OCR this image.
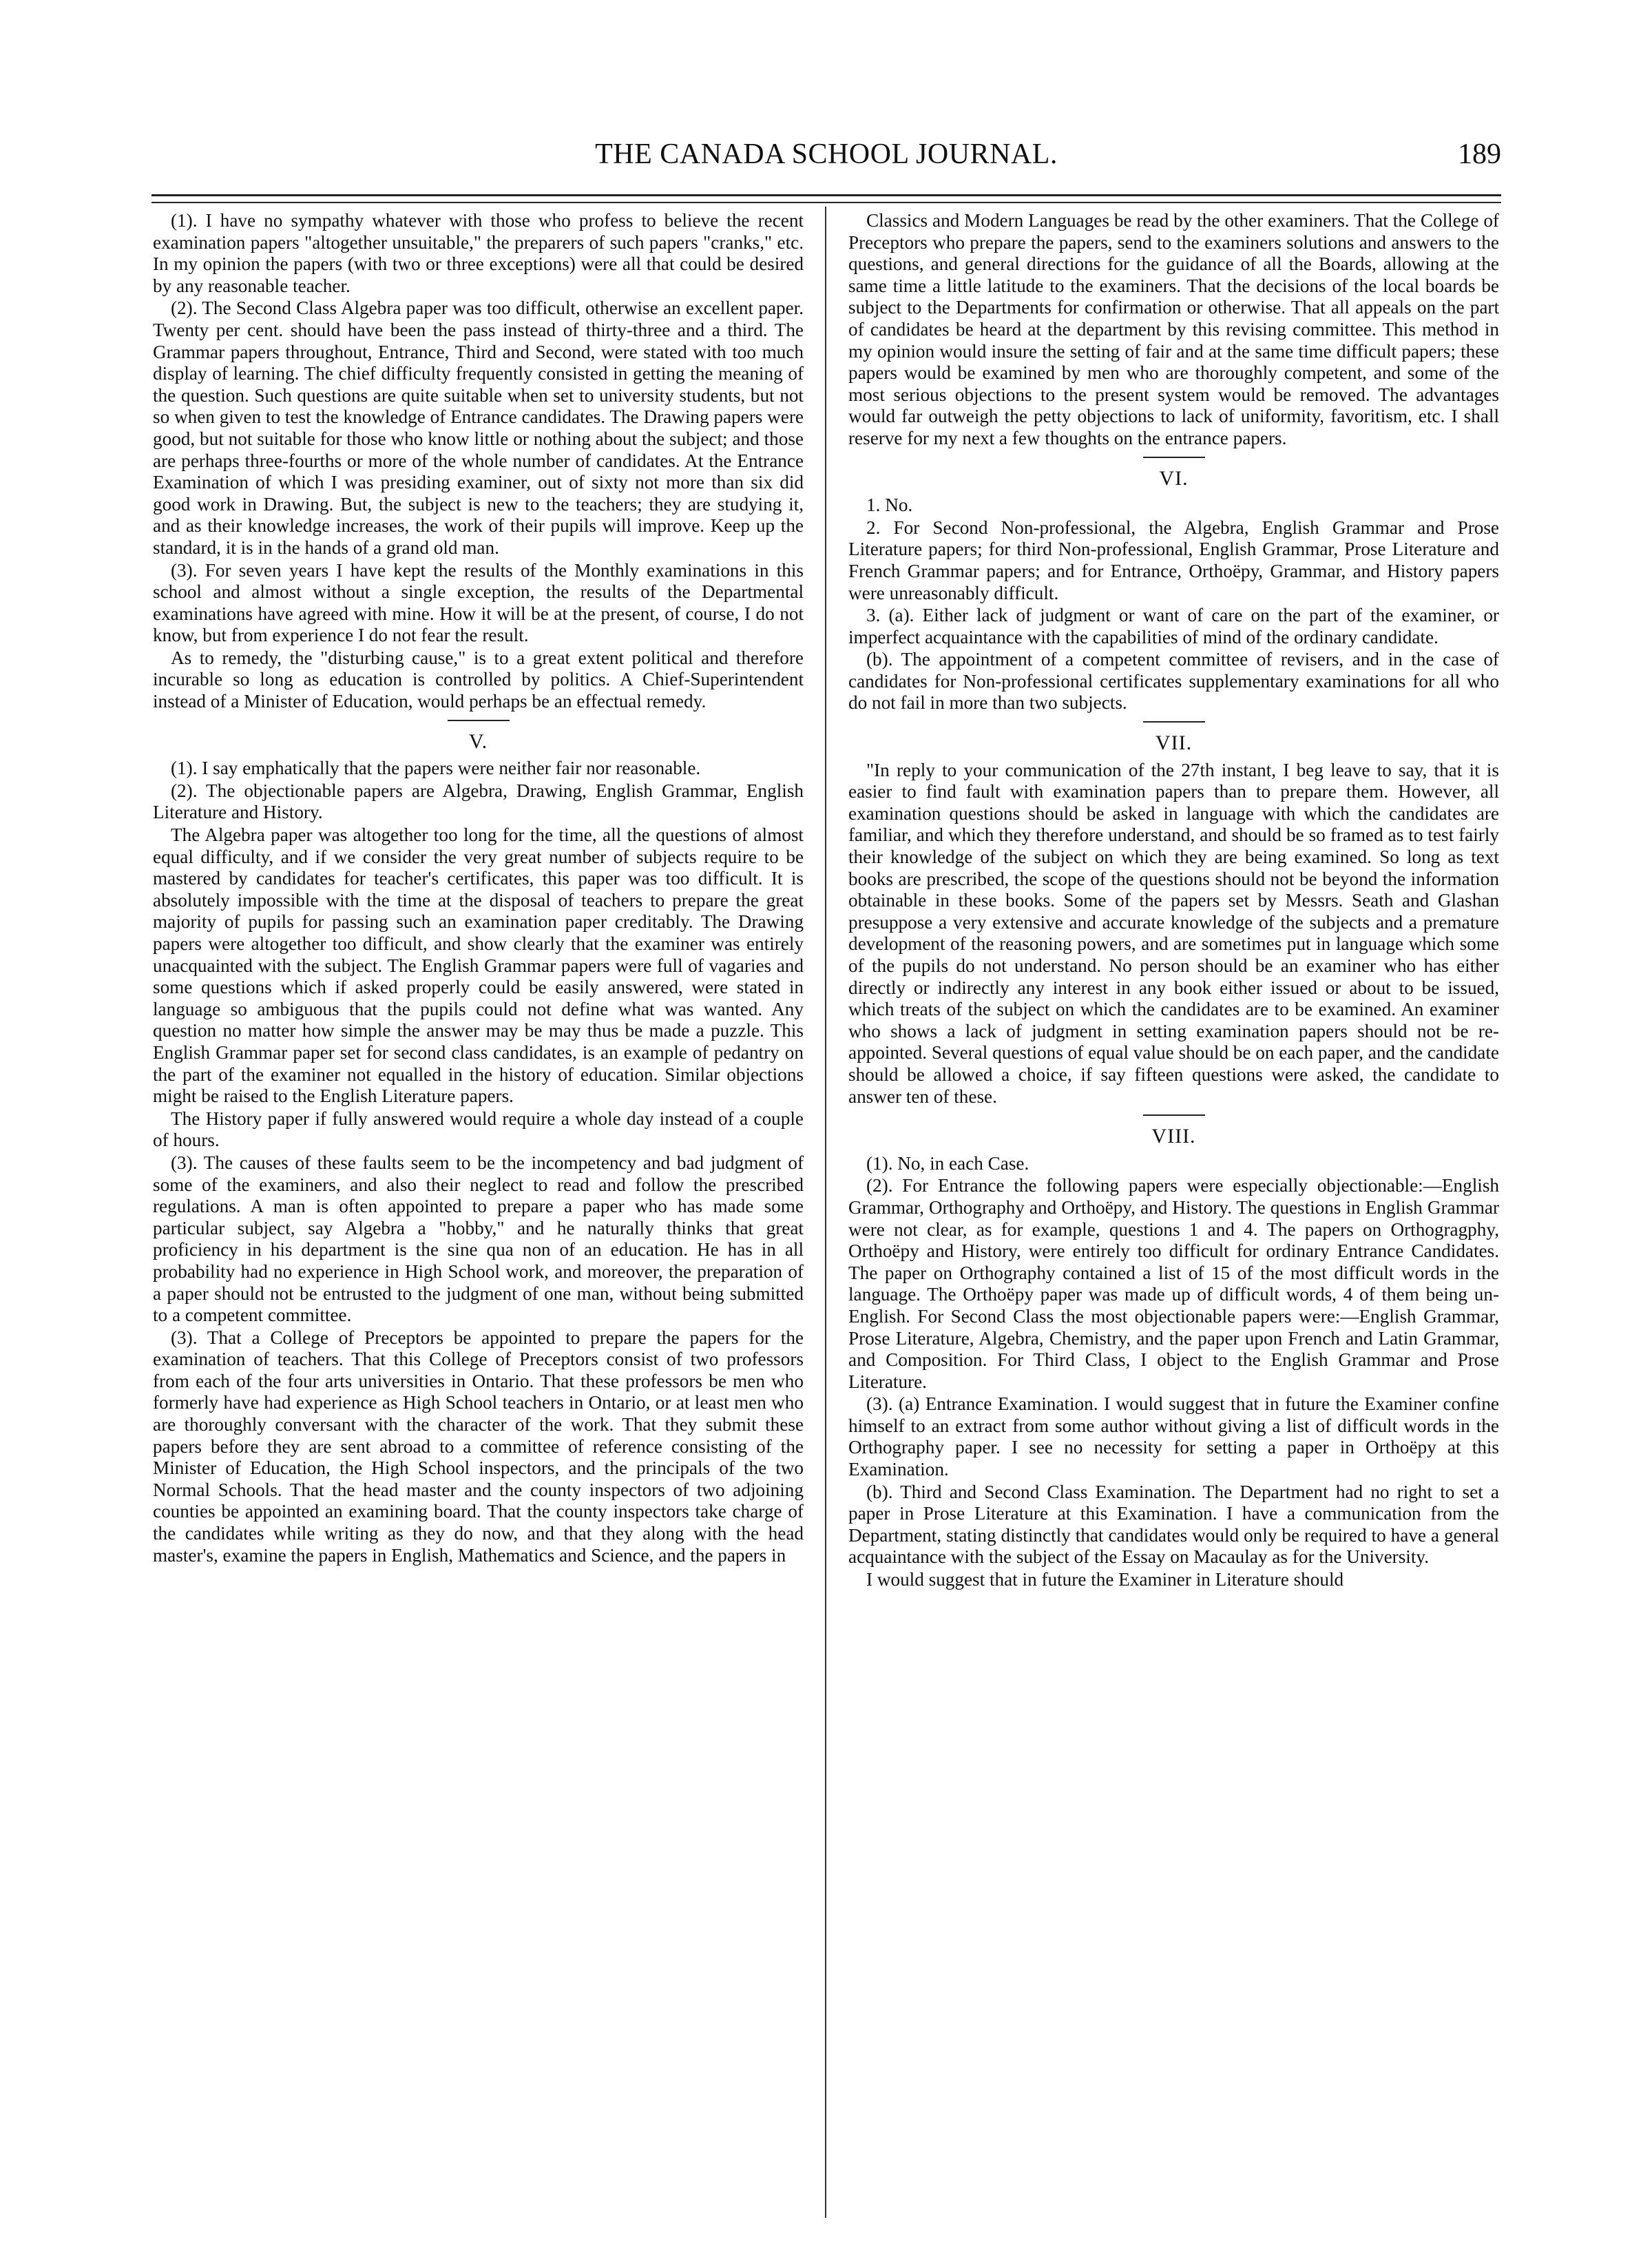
THE CANADA SCHOOL JOURNAL.	189

(1). I have no sympathy whatever with those who profess to believe the recent examination papers "altogether unsuitable," the preparers of such papers "cranks," etc. In my opinion the papers (with two or three exceptions) were all that could be desired by any reasonable teacher.

(2). The Second Class Algebra paper was too difficult, otherwise an excellent paper. Twenty per cent. should have been the pass instead of thirty-three and a third. The Grammar papers throughout, Entrance, Third and Second, were stated with too much display of learning. The chief difficulty frequently consisted in getting the meaning of the question. Such questions are quite suitable when set to university students, but not so when given to test the knowledge of Entrance candidates. The Drawing papers were good, but not suitable for those who know little or nothing about the subject; and those are perhaps three-fourths or more of the whole number of candidates. At the Entrance Examination of which I was presiding examiner, out of sixty not more than six did good work in Drawing. But, the subject is new to the teachers; they are studying it, and as their knowledge increases, the work of their pupils will improve. Keep up the standard, it is in the hands of a grand old man.

(3). For seven years I have kept the results of the Monthly examinations in this school and almost without a single exception, the results of the Departmental examinations have agreed with mine. How it will be at the present, of course, I do not know, but from experience I do not fear the result.

As to remedy, the "disturbing cause," is to a great extent political and therefore incurable so long as education is controlled by politics. A Chief-Superintendent instead of a Minister of Education, would perhaps be an effectual remedy.

V.

(1). I say emphatically that the papers were neither fair nor reasonable.

(2). The objectionable papers are Algebra, Drawing, English Grammar, English Literature and History.

The Algebra paper was altogether too long for the time, all the questions of almost equal difficulty, and if we consider the very great number of subjects require to be mastered by candidates for teacher's certificates, this paper was too difficult. It is absolutely impossible with the time at the disposal of teachers to prepare the great majority of pupils for passing such an examination paper creditably. The Drawing papers were altogether too difficult, and show clearly that the examiner was entirely unacquainted with the subject. The English Grammar papers were full of vagaries and some questions which if asked properly could be easily answered, were stated in language so ambiguous that the pupils could not define what was wanted. Any question no matter how simple the answer may be may thus be made a puzzle. This English Grammar paper set for second class candidates, is an example of pedantry on the part of the examiner not equalled in the history of education. Similar objections might be raised to the English Literature papers.

The History paper if fully answered would require a whole day instead of a couple of hours.

(3). The causes of these faults seem to be the incompetency and bad judgment of some of the examiners, and also their neglect to read and follow the prescribed regulations. A man is often appointed to prepare a paper who has made some particular subject, say Algebra a "hobby," and he naturally thinks that great proficiency in his department is the sine qua non of an education. He has in all probability had no experience in High School work, and moreover, the preparation of a paper should not be entrusted to the judgment of one man, without being submitted to a competent committee.

(3). That a College of Preceptors be appointed to prepare the papers for the examination of teachers. That this College of Preceptors consist of two professors from each of the four arts universities in Ontario. That these professors be men who formerly have had experience as High School teachers in Ontario, or at least men who are thoroughly conversant with the character of the work. That they submit these papers before they are sent abroad to a committee of reference consisting of the Minister of Education, the High School inspectors, and the principals of the two Normal Schools. That the head master and the county inspectors of two adjoining counties be appointed an examining board. That the county inspectors take charge of the candidates while writing as they do now, and that they along with the head master's, examine the papers in English, Mathematics and Science, and the papers in

Classics and Modern Languages be read by the other examiners. That the College of Preceptors who prepare the papers, send to the examiners solutions and answers to the questions, and general directions for the guidance of all the Boards, allowing at the same time a little latitude to the examiners. That the decisions of the local boards be subject to the Departments for confirmation or otherwise. That all appeals on the part of candidates be heard at the department by this revising committee. This method in my opinion would insure the setting of fair and at the same time difficult papers; these papers would be examined by men who are thoroughly competent, and some of the most serious objections to the present system would be removed. The advantages would far outweigh the petty objections to lack of uniformity, favoritism, etc. I shall reserve for my next a few thoughts on the entrance papers.

VI.

1. No.

2. For Second Non-professional, the Algebra, English Grammar and Prose Literature papers; for third Non-professional, English Grammar, Prose Literature and French Grammar papers; and for Entrance, Orthoëpy, Grammar, and History papers were unreasonably difficult.

3. (a). Either lack of judgment or want of care on the part of the examiner, or imperfect acquaintance with the capabilities of mind of the ordinary candidate.

(b). The appointment of a competent committee of revisers, and in the case of candidates for Non-professional certificates supplementary examinations for all who do not fail in more than two subjects.

VII.

"In reply to your communication of the 27th instant, I beg leave to say, that it is easier to find fault with examination papers than to prepare them. However, all examination questions should be asked in language with which the candidates are familiar, and which they therefore understand, and should be so framed as to test fairly their knowledge of the subject on which they are being examined. So long as text books are prescribed, the scope of the questions should not be beyond the information obtainable in these books. Some of the papers set by Messrs. Seath and Glashan presuppose a very extensive and accurate knowledge of the subjects and a premature development of the reasoning powers, and are sometimes put in language which some of the pupils do not understand. No person should be an examiner who has either directly or indirectly any interest in any book either issued or about to be issued, which treats of the subject on which the candidates are to be examined. An examiner who shows a lack of judgment in setting examination papers should not be re-appointed. Several questions of equal value should be on each paper, and the candidate should be allowed a choice, if say fifteen questions were asked, the candidate to answer ten of these.

VIII.

(1). No, in each Case.

(2). For Entrance the following papers were especially objectionable:—English Grammar, Orthography and Orthoëpy, and History. The questions in English Grammar were not clear, as for example, questions 1 and 4. The papers on Orthogragphy, Orthoëpy and History, were entirely too difficult for ordinary Entrance Candidates. The paper on Orthography contained a list of 15 of the most difficult words in the language. The Orthoëpy paper was made up of difficult words, 4 of them being un-English. For Second Class the most objectionable papers were:—English Grammar, Prose Literature, Algebra, Chemistry, and the paper upon French and Latin Grammar, and Composition. For Third Class, I object to the English Grammar and Prose Literature.

(3). (a) Entrance Examination. I would suggest that in future the Examiner confine himself to an extract from some author without giving a list of difficult words in the Orthography paper. I see no necessity for setting a paper in Orthoëpy at this Examination.

(b). Third and Second Class Examination. The Department had no right to set a paper in Prose Literature at this Examination. I have a communication from the Department, stating distinctly that candidates would only be required to have a general acquaintance with the subject of the Essay on Macaulay as for the University.

I would suggest that in future the Examiner in Literature should
